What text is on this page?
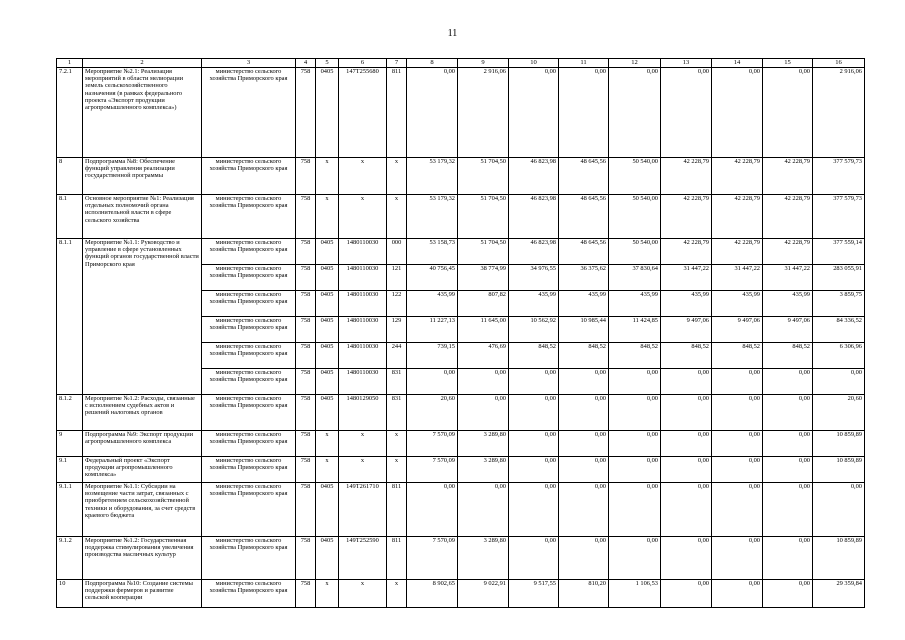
11
1	2	3	4	5	6	7	8	9	10	11	12	13	14	15	16
7.2.1	Мероприятие №2.1: Реализация мероприятий в области мелиорации земель сельскохозяйственного назначения (в рамках федерального проекта «Экспорт продукции агропромышленного комплекса»)	министерство сельского хозяйства Приморского края	758	0405	147T255680	811	0,00	2 916,06	0,00	0,00	0,00	0,00	0,00	0,00	2 916,06
8	Подпрограмма №8: Обеспечение функций управления реализации государственной программы	министерство сельского хозяйства Приморского края	758	x	x	x	53 179,32	51 704,50	46 823,98	48 645,56	50 540,00	42 228,79	42 228,79	42 228,79	377 579,73
8.1	Основное мероприятие №1: Реализация отдельных полномочий органа исполнительной власти в сфере сельского хозяйства	министерство сельского хозяйства Приморского края	758	x	x	x	53 179,32	51 704,50	46 823,98	48 645,56	50 540,00	42 228,79	42 228,79	42 228,79	377 579,73
8.1.1	Мероприятие №1.1: Руководство и управление в сфере установленных функций органов государственной власти Приморского края	министерство сельского хозяйства Приморского края	758	0405	1480110030	000	53 158,73	51 704,50	46 823,98	48 645,56	50 540,00	42 228,79	42 228,79	42 228,79	377 559,14
		министерство сельского хозяйства Приморского края	758	0405	1480110030	121	40 756,45	38 774,99	34 976,55	36 375,62	37 830,64	31 447,22	31 447,22	31 447,22	283 055,91
		министерство сельского хозяйства Приморского края	758	0405	1480110030	122	435,99	807,82	435,99	435,99	435,99	435,99	435,99	435,99	3 859,75
		министерство сельского хозяйства Приморского края	758	0405	1480110030	129	11 227,13	11 645,00	10 562,92	10 985,44	11 424,85	9 497,06	9 497,06	9 497,06	84 336,52
		министерство сельского хозяйства Приморского края	758	0405	1480110030	244	739,15	476,69	848,52	848,52	848,52	848,52	848,52	848,52	6 306,96
		министерство сельского хозяйства Приморского края	758	0405	1480110030	831	0,00	0,00	0,00	0,00	0,00	0,00	0,00	0,00	0,00
8.1.2	Мероприятие №1.2: Расходы, связанные с исполнением судебных актов и решений налоговых органов	министерство сельского хозяйства Приморского края	758	0405	1480129050	831	20,60	0,00	0,00	0,00	0,00	0,00	0,00	0,00	20,60
9	Подпрограмма №9: Экспорт продукции агропромышленного комплекса	министерство сельского хозяйства Приморского края	758	x	x	x	7 570,09	3 289,80	0,00	0,00	0,00	0,00	0,00	0,00	10 859,89
9.1	Федеральный проект «Экспорт продукции агропромышленного комплекса»	министерство сельского хозяйства Приморского края	758	x	x	x	7 570,09	3 289,80	0,00	0,00	0,00	0,00	0,00	0,00	10 859,89
9.1.1	Мероприятие №1.1: Субсидии на возмещение части затрат, связанных с приобретением сельскохозяйственной техники и оборудования, за счет средств краевого бюджета	министерство сельского хозяйства Приморского края	758	0405	149T261710	811	0,00	0,00	0,00	0,00	0,00	0,00	0,00	0,00	0,00
9.1.2	Мероприятие №1.2: Государственная поддержка стимулирования увеличения производства масличных культур	министерство сельского хозяйства Приморского края	758	0405	149T252590	811	7 570,09	3 289,80	0,00	0,00	0,00	0,00	0,00	0,00	10 859,89
10	Подпрограмма №10: Создание системы поддержки фермеров и развитие сельской кооперации	министерство сельского хозяйства Приморского края	758	x	x	x	8 902,65	9 022,91	9 517,55	810,20	1 106,53	0,00	0,00	0,00	29 359,84
